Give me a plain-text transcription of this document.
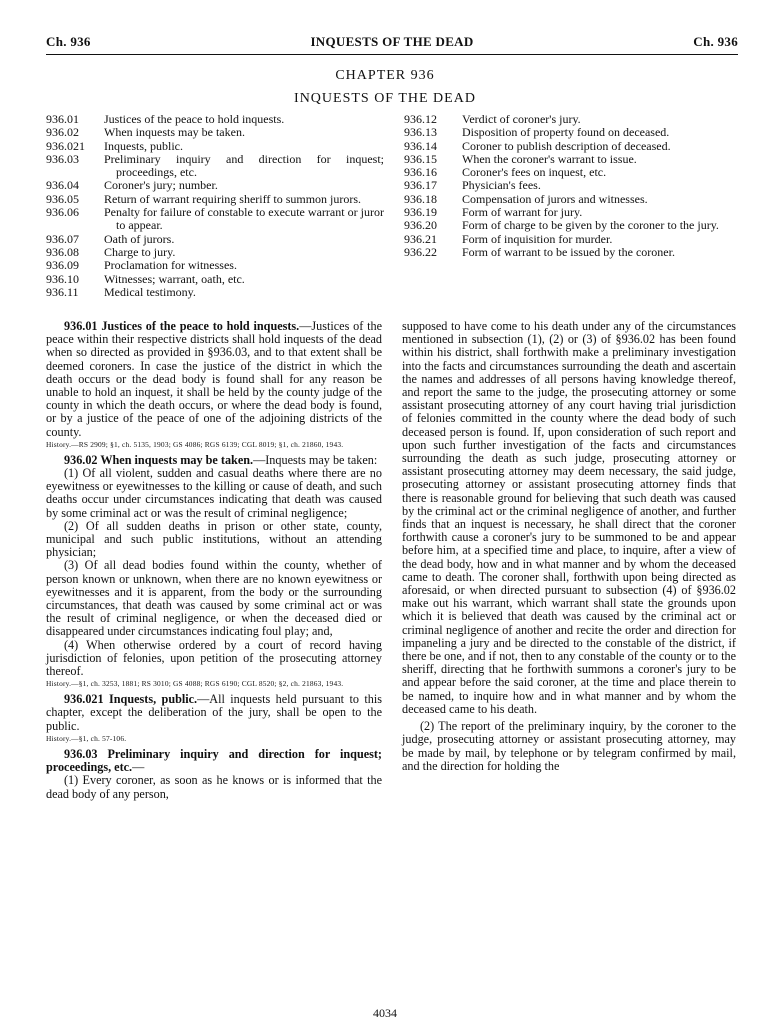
Ch. 936	INQUESTS OF THE DEAD	Ch. 936
CHAPTER 936
INQUESTS OF THE DEAD
936.01	Justices of the peace to hold inquests.
936.02	When inquests may be taken.
936.021	Inquests, public.
936.03	Preliminary inquiry and direction for inquest; proceedings, etc.
936.04	Coroner's jury; number.
936.05	Return of warrant requiring sheriff to summon jurors.
936.06	Penalty for failure of constable to execute warrant or juror to appear.
936.07	Oath of jurors.
936.08	Charge to jury.
936.09	Proclamation for witnesses.
936.10	Witnesses; warrant, oath, etc.
936.11	Medical testimony.
936.12	Verdict of coroner's jury.
936.13	Disposition of property found on deceased.
936.14	Coroner to publish description of deceased.
936.15	When the coroner's warrant to issue.
936.16	Coroner's fees on inquest, etc.
936.17	Physician's fees.
936.18	Compensation of jurors and witnesses.
936.19	Form of warrant for jury.
936.20	Form of charge to be given by the coroner to the jury.
936.21	Form of inquisition for murder.
936.22	Form of warrant to be issued by the coroner.

936.01 Justices of the peace to hold inquests.—Justices of the peace within their respective districts shall hold inquests of the dead when so directed as provided in §936.03, and to that extent shall be deemed coroners. In case the justice of the district in which the death occurs or the dead body is found shall for any reason be unable to hold an inquest, it shall be held by the county judge of the county in which the death occurs, or where the dead body is found, or by a justice of the peace of one of the adjoining districts of the county.

History.—RS 2909; §1, ch. 5135, 1903; GS 4086; RGS 6139; CGL 8019; §1, ch. 21860, 1943.

936.02 When inquests may be taken.—Inquests may be taken:

(1) Of all violent, sudden and casual deaths where there are no eyewitness or eyewitnesses to the killing or cause of death, and such deaths occur under circumstances indicating that death was caused by some criminal act or was the result of criminal negligence;

(2) Of all sudden deaths in prison or other state, county, municipal and such public institutions, without an attending physician;

(3) Of all dead bodies found within the county, whether of person known or unknown, when there are no known eyewitness or eyewitnesses and it is apparent, from the body or the surrounding circumstances, that death was caused by some criminal act or was the result of criminal negligence, or when the deceased died or disappeared under circumstances indicating foul play; and,

(4) When otherwise ordered by a court of record having jurisdiction of felonies, upon petition of the prosecuting attorney thereof.

History.—§1, ch. 3253, 1881; RS 3010; GS 4088; RGS 6190; CGL 8520; §2, ch. 21863, 1943.

936.021 Inquests, public.—All inquests held pursuant to this chapter, except the deliberation of the jury, shall be open to the public.

History.—§1, ch. 57-106.

936.03 Preliminary inquiry and direction for inquest; proceedings, etc.—

(1) Every coroner, as soon as he knows or is informed that the dead body of any person,

supposed to have come to his death under any of the circumstances mentioned in subsection (1), (2) or (3) of §936.02 has been found within his district, shall forthwith make a preliminary investigation into the facts and circumstances surrounding the death and ascertain the names and addresses of all persons having knowledge thereof, and report the same to the judge, the prosecuting attorney or some assistant prosecuting attorney of any court having trial jurisdiction of felonies committed in the county where the dead body of such deceased person is found. If, upon consideration of such report and upon such further investigation of the facts and circumstances surrounding the death as such judge, prosecuting attorney or assistant prosecuting attorney may deem necessary, the said judge, prosecuting attorney or assistant prosecuting attorney finds that there is reasonable ground for believing that such death was caused by the criminal act or the criminal negligence of another, and further finds that an inquest is necessary, he shall direct that the coroner forthwith cause a coroner's jury to be summoned to be and appear before him, at a specified time and place, to inquire, after a view of the dead body, how and in what manner and by whom the deceased came to death. The coroner shall, forthwith upon being directed as aforesaid, or when directed pursuant to subsection (4) of §936.02 make out his warrant, which warrant shall state the grounds upon which it is believed that death was caused by the criminal act or criminal negligence of another and recite the order and direction for impaneling a jury and be directed to the constable of the district, if there be one, and if not, then to any constable of the county or to the sheriff, directing that he forthwith summons a coroner's jury to be and appear before the said coroner, at the time and place therein to be named, to inquire how and in what manner and by whom the deceased came to his death.

(2) The report of the preliminary inquiry, by the coroner to the judge, prosecuting attorney or assistant prosecuting attorney, may be made by mail, by telephone or by telegram confirmed by mail, and the direction for holding the

4034
